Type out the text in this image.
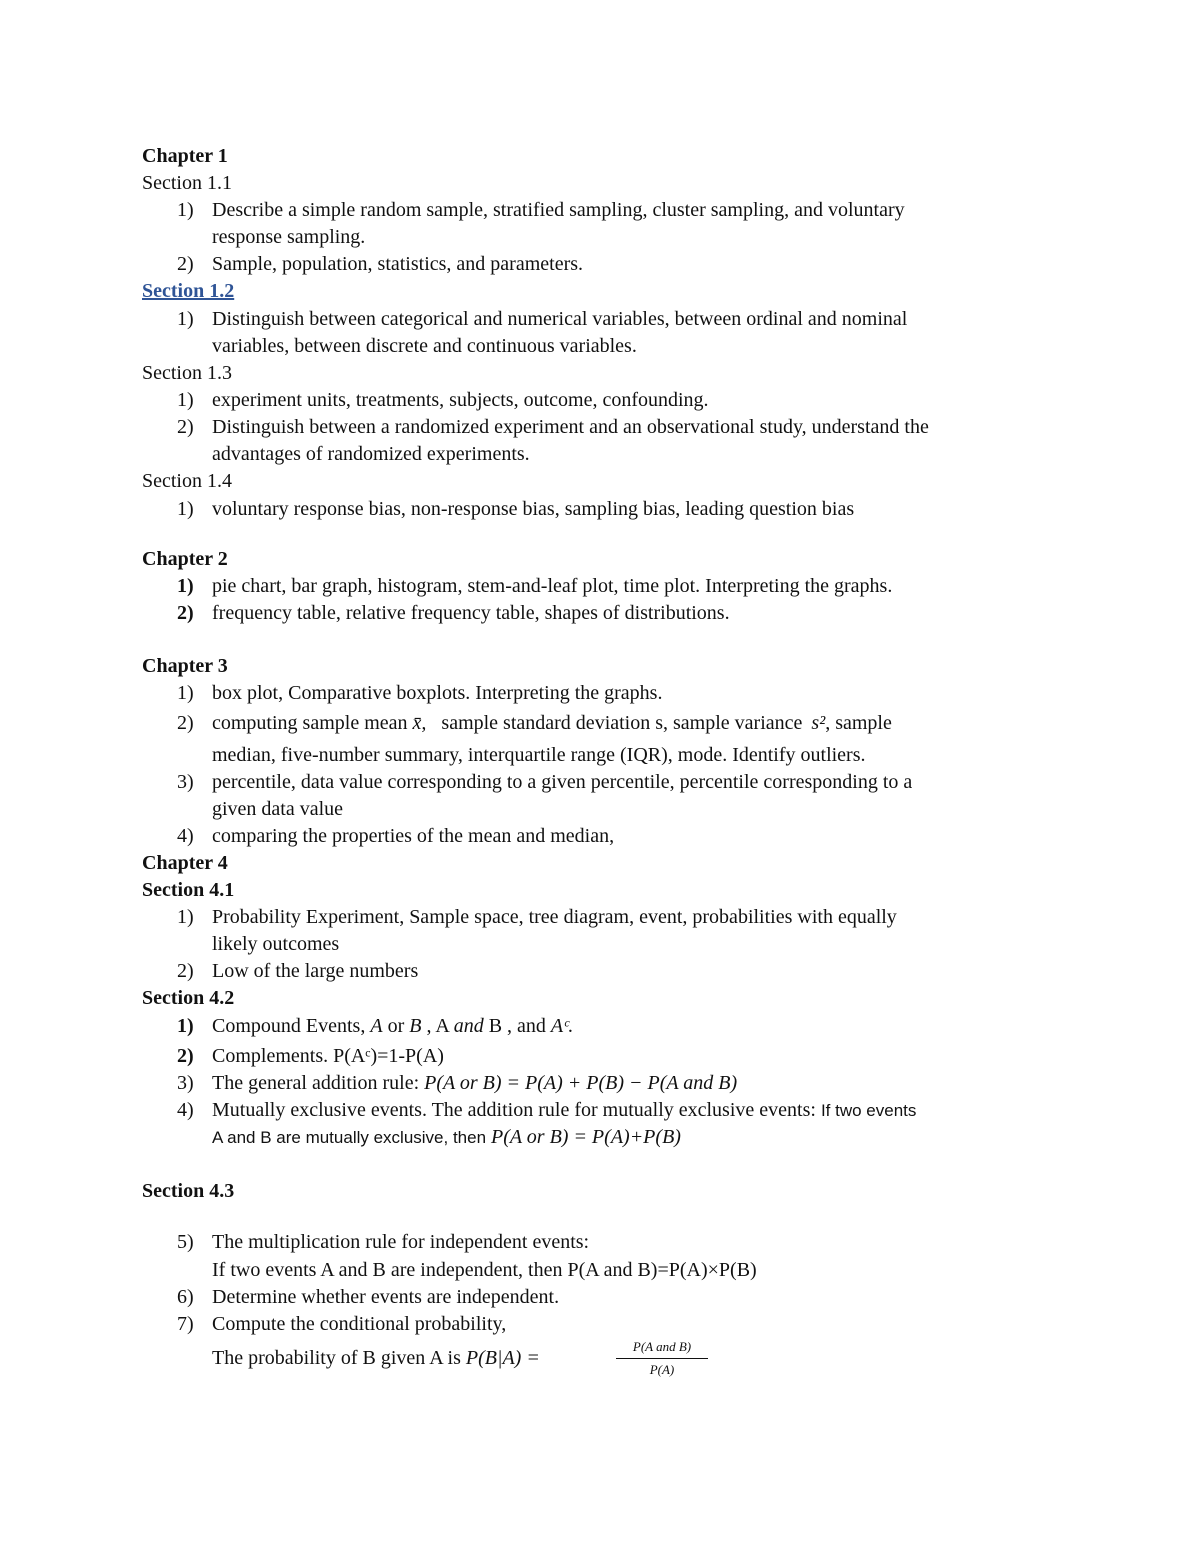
Chapter 1
Section 1.1
1) Describe a simple random sample, stratified sampling, cluster sampling, and voluntary
response sampling.
2) Sample, population, statistics, and parameters.
Section 1.2
1) Distinguish between categorical and numerical variables, between ordinal and nominal
variables, between discrete and continuous variables.
Section 1.3
1) experiment units, treatments, subjects, outcome, confounding.
2) Distinguish between a randomized experiment and an observational study, understand the
advantages of randomized experiments.
Section 1.4
1) voluntary response bias, non-response bias, sampling bias, leading question bias
Chapter 2
1) pie chart, bar graph, histogram, stem-and-leaf plot, time plot. Interpreting the graphs.
2) frequency table, relative frequency table, shapes of distributions.
Chapter 3
1) box plot, Comparative boxplots. Interpreting the graphs.
2) computing sample mean x̄, sample standard deviation s, sample variance s², sample
median, five-number summary, interquartile range (IQR), mode. Identify outliers.
3) percentile, data value corresponding to a given percentile, percentile corresponding to a
given data value
4) comparing the properties of the mean and median,
Chapter 4
Section 4.1
1) Probability Experiment, Sample space, tree diagram, event, probabilities with equally
likely outcomes
2) Low of the large numbers
Section 4.2
1) Compound Events, A or B , A and B , and Aᶜ.
2) Complements. P(Aᶜ)=1-P(A)
3) The general addition rule: P(A or B) = P(A) + P(B) − P(A and B)
4) Mutually exclusive events. The addition rule for mutually exclusive events: If two events
A and B are mutually exclusive, then P(A or B) = P(A)+P(B)
Section 4.3
5) The multiplication rule for independent events:
If two events A and B are independent, then P(A and B)=P(A)×P(B)
6) Determine whether events are independent.
7) Compute the conditional probability,
The probability of B given A is P(B|A) =
P(A and B)
P(A)
